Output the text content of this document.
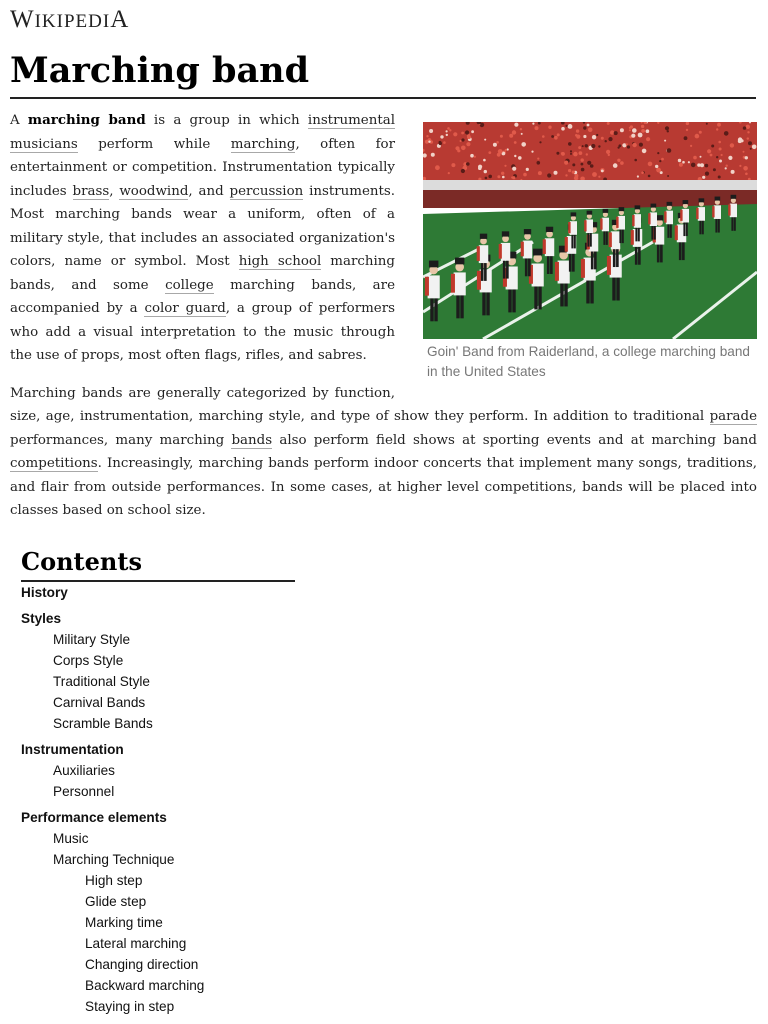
WIKIPEDIA
Marching band
Goin' Band from Raiderland, a college marching band in the United States

A marching band is a group in which instrumental musicians perform while marching, often for entertainment or competition. Instrumentation typically includes brass, woodwind, and percussion instruments. Most marching bands wear a uniform, often of a military style, that includes an associated organization's colors, name or symbol. Most high school marching bands, and some college marching bands, are accompanied by a color guard, a group of performers who add a visual interpretation to the music through the use of props, most often flags, rifles, and sabres.

Marching bands are generally categorized by function, size, age, instrumentation, marching style, and type of show they perform. In addition to traditional parade performances, many marching bands also perform field shows at sporting events and at marching band competitions. Increasingly, marching bands perform indoor concerts that implement many songs, traditions, and flair from outside performances. In some cases, at higher level competitions, bands will be placed into classes based on school size.

Contents
History
Styles
Military Style
Corps Style
Traditional Style
Carnival Bands
Scramble Bands
Instrumentation
Auxiliaries
Personnel
Performance elements
Music
Marching Technique
High step
Glide step
Marking time
Lateral marching
Changing direction
Backward marching
Staying in step
